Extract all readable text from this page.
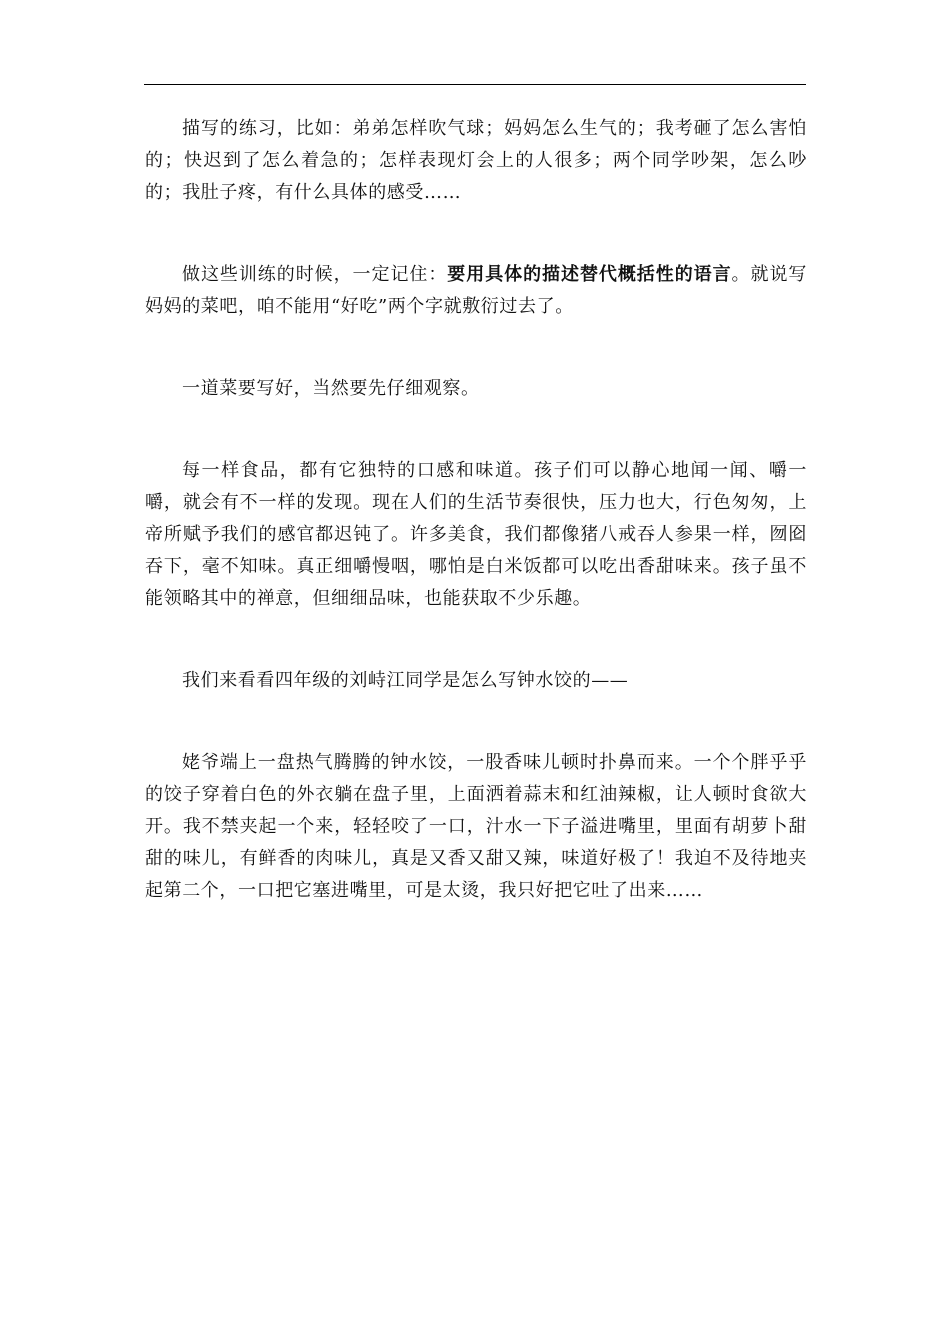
描写的练习，比如：弟弟怎样吹气球；妈妈怎么生气的；我考砸了怎么害怕的；快迟到了怎么着急的；怎样表现灯会上的人很多；两个同学吵架，怎么吵的；我肚子疼，有什么具体的感受……

做这些训练的时候，一定记住：要用具体的描述替代概括性的语言。就说写妈妈的菜吧，咱不能用“好吃”两个字就敷衍过去了。

一道菜要写好，当然要先仔细观察。

每一样食品，都有它独特的口感和味道。孩子们可以静心地闻一闻、嚼一嚼，就会有不一样的发现。现在人们的生活节奏很快，压力也大，行色匆匆，上帝所赋予我们的感官都迟钝了。许多美食，我们都像猪八戒吞人参果一样，囫囵吞下，毫不知味。真正细嚼慢咽，哪怕是白米饭都可以吃出香甜味来。孩子虽不能领略其中的禅意，但细细品味，也能获取不少乐趣。

我们来看看四年级的刘峙江同学是怎么写钟水饺的——

姥爷端上一盘热气腾腾的钟水饺，一股香味儿顿时扑鼻而来。一个个胖乎乎的饺子穿着白色的外衣躺在盘子里，上面洒着蒜末和红油辣椒，让人顿时食欲大开。我不禁夹起一个来，轻轻咬了一口，汁水一下子溢进嘴里，里面有胡萝卜甜甜的味儿，有鲜香的肉味儿，真是又香又甜又辣，味道好极了！我迫不及待地夹起第二个，一口把它塞进嘴里，可是太烫，我只好把它吐了出来……
